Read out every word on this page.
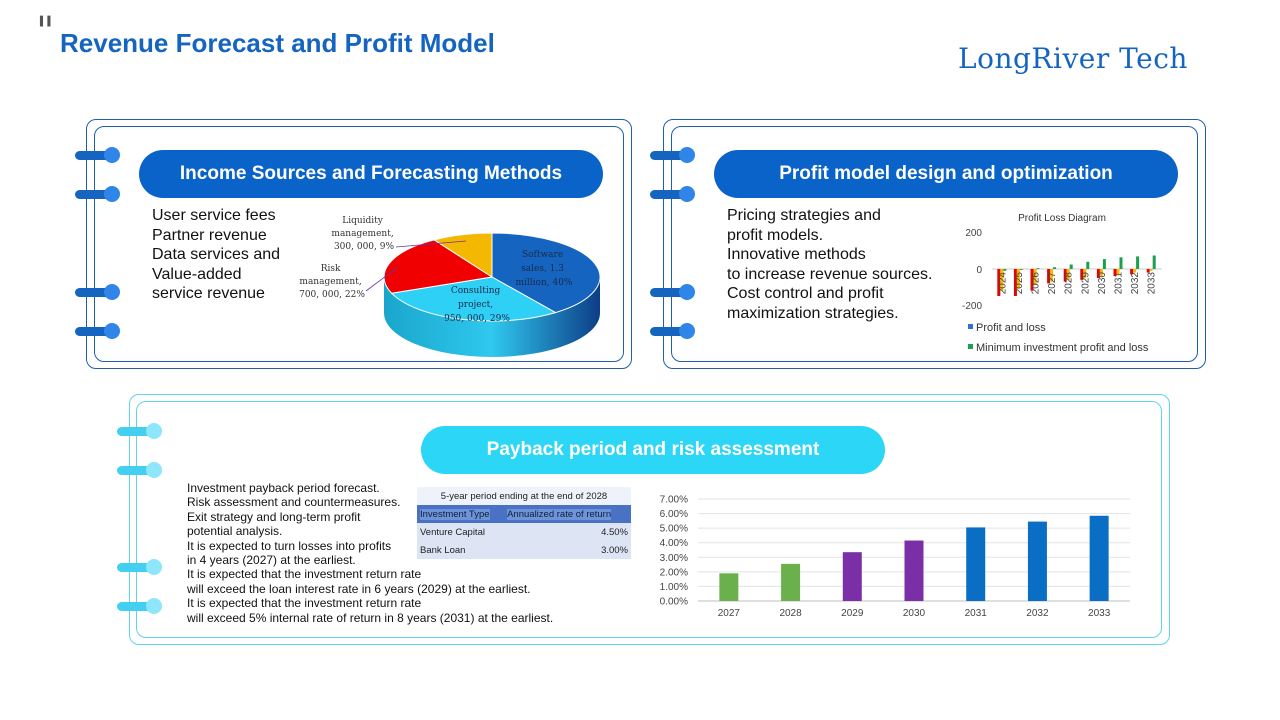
" Revenue Forecast and Profit Model	LongRiver Tech
Income Sources and Forecasting Methods
User service fees
Partner revenue
Data services and
Value-added
service revenue
Liquidity management, 300, 000, 9%
Risk management, 700, 000, 22%
Software sales, 1.3 million, 40%
Consulting project, 950, 000, 29%
Profit model design and optimization
Pricing strategies and
profit models.
Innovative methods
to increase revenue sources.
Cost control and profit
maximization strategies.
Profit Loss Diagram
200
0
-200
2024 2025 2026 2027 2028 2029 2030 2031 2032 2033
Profit and loss
Minimum investment profit and loss
Payback period and risk assessment
Investment payback period forecast.
Risk assessment and countermeasures.
Exit strategy and long-term profit
potential analysis.
It is expected to turn losses into profits
in 4 years (2027) at the earliest.
It is expected that the investment return rate
will exceed the loan interest rate in 6 years (2029) at the earliest.
It is expected that the investment return rate
will exceed 5% internal rate of return in 8 years (2031) at the earliest.
5-year period ending at the end of 2028	
Investment Type	Annualized rate of return
Venture Capital	4.50%
Bank Loan	3.00%
0.00%
1.00%
2.00%
3.00%
4.00%
5.00%
6.00%
7.00%
2027	2028	2029	2030	2031	2032	2033
